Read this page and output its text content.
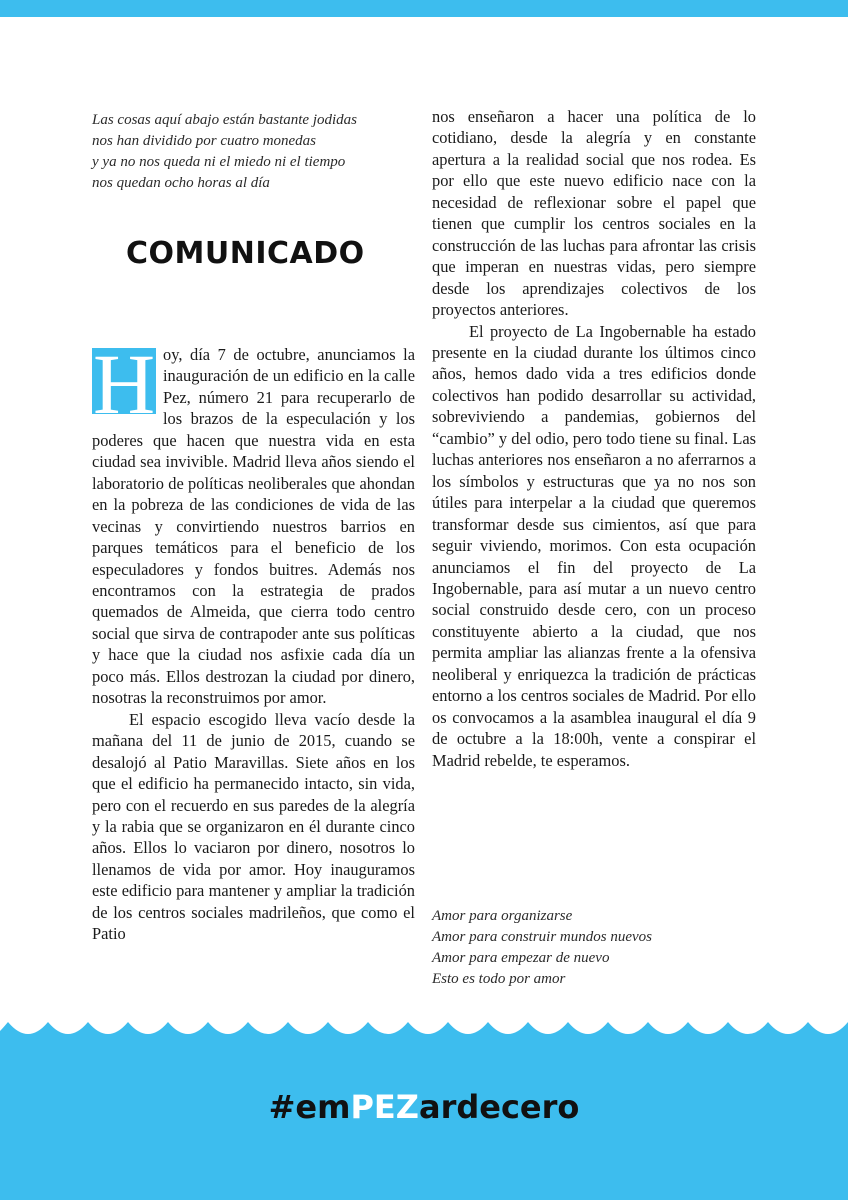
Las cosas aquí abajo están bastante jodidas
nos han dividido por cuatro monedas
y ya no nos queda ni el miedo ni el tiempo
nos quedan ocho horas al día
COMUNICADO

H oy, día 7 de octubre, anunciamos la inauguración de un edificio en la calle Pez, número 21 para recuperarlo de los brazos de la especulación y los poderes que hacen que nuestra vida en esta ciudad sea invivible. Madrid lleva años siendo el laboratorio de políticas neoliberales que ahondan en la pobreza de las condiciones de vida de las vecinas y convirtiendo nuestros barrios en parques temáticos para el beneficio de los especuladores y fondos buitres. Además nos encontramos con la estrategia de prados quemados de Almeida, que cierra todo centro social que sirva de contrapoder ante sus políticas y hace que la ciudad nos asfixie cada día un poco más. Ellos destrozan la ciudad por dinero, nosotras la reconstruimos por amor.

El espacio escogido lleva vacío desde la mañana del 11 de junio de 2015, cuando se desalojó al Patio Maravillas. Siete años en los que el edificio ha permanecido intacto, sin vida, pero con el recuerdo en sus paredes de la alegría y la rabia que se organizaron en él durante cinco años. Ellos lo vaciaron por dinero, nosotros lo llenamos de vida por amor. Hoy inauguramos este edificio para mantener y ampliar la tradición de los centros sociales madrileños, que como el Patio

nos enseñaron a hacer una política de lo cotidiano, desde la alegría y en constante apertura a la realidad social que nos rodea. Es por ello que este nuevo edificio nace con la necesidad de reflexionar sobre el papel que tienen que cumplir los centros sociales en la construcción de las luchas para afrontar las crisis que imperan en nuestras vidas, pero siempre desde los aprendizajes colectivos de los proyectos anteriores.

El proyecto de La Ingobernable ha estado presente en la ciudad durante los últimos cinco años, hemos dado vida a tres edificios donde colectivos han podido desarrollar su actividad, sobreviviendo a pandemias, gobiernos del “cambio” y del odio, pero todo tiene su final. Las luchas anteriores nos enseñaron a no aferrarnos a los símbolos y estructuras que ya no nos son útiles para interpelar a la ciudad que queremos transformar desde sus cimientos, así que para seguir viviendo, morimos. Con esta ocupación anunciamos el fin del proyecto de La Ingobernable, para así mutar a un nuevo centro social construido desde cero, con un proceso constituyente abierto a la ciudad, que nos permita ampliar las alianzas frente a la ofensiva neoliberal y enriquezca la tradición de prácticas entorno a los centros sociales de Madrid. Por ello os convocamos a la asamblea inaugural el día 9 de octubre a la 18:00h, vente a conspirar el Madrid rebelde, te esperamos.

Amor para organizarse
Amor para construir mundos nuevos
Amor para empezar de nuevo
Esto es todo por amor
#emPEZardecero
